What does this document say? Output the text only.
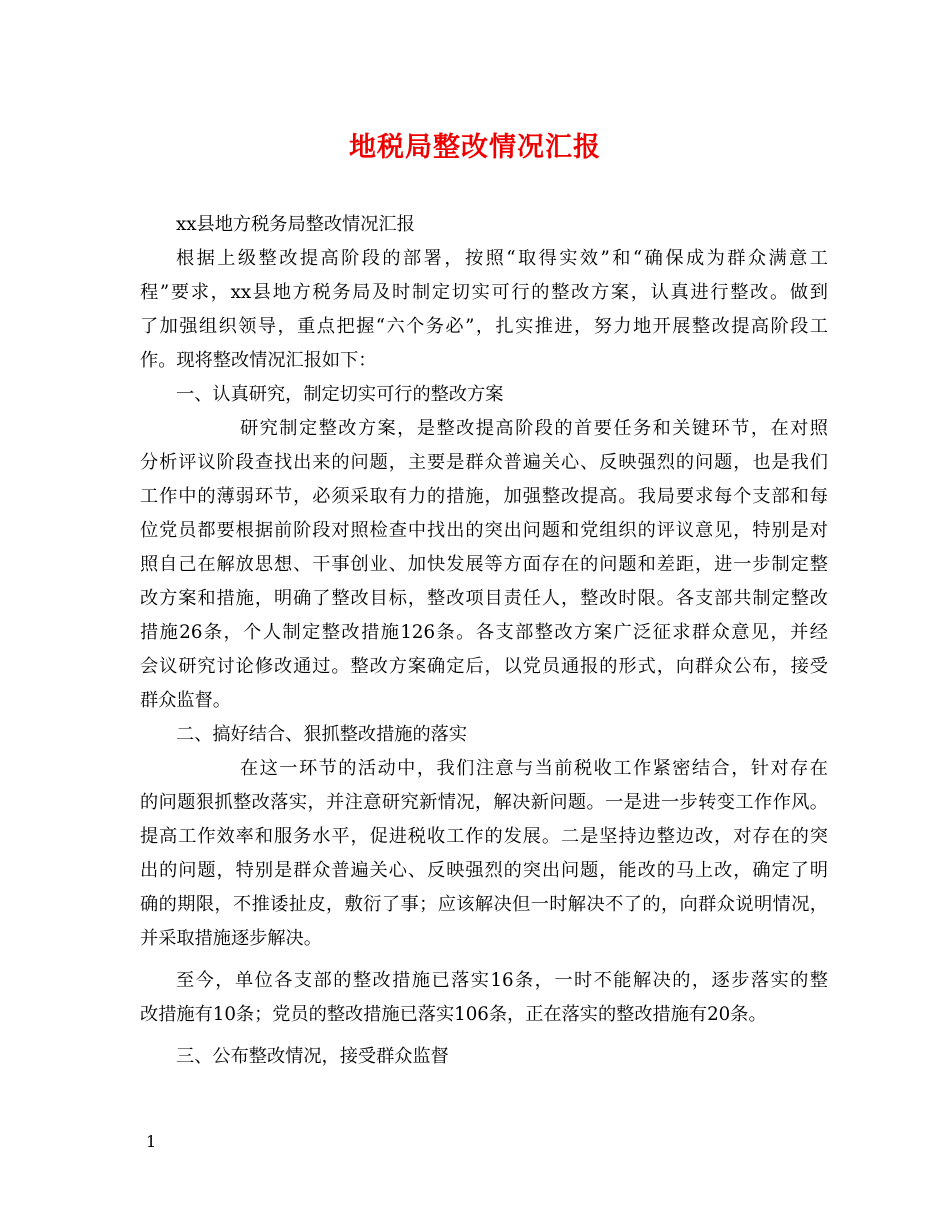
地税局整改情况汇报
xx县地方税务局整改情况汇报
根据上级整改提高阶段的部署，按照“取得实效”和“确保成为群众满意工
程”要求，xx县地方税务局及时制定切实可行的整改方案，认真进行整改。做到
了加强组织领导，重点把握“六个务必”，扎实推进，努力地开展整改提高阶段工
作。现将整改情况汇报如下：
一、认真研究，制定切实可行的整改方案
研究制定整改方案，是整改提高阶段的首要任务和关键环节，在对照
分析评议阶段查找出来的问题，主要是群众普遍关心、反映强烈的问题，也是我们
工作中的薄弱环节，必须采取有力的措施，加强整改提高。我局要求每个支部和每
位党员都要根据前阶段对照检查中找出的突出问题和党组织的评议意见，特别是对
照自己在解放思想、干事创业、加快发展等方面存在的问题和差距，进一步制定整
改方案和措施，明确了整改目标，整改项目责任人，整改时限。各支部共制定整改
措施26条，个人制定整改措施126条。各支部整改方案广泛征求群众意见，并经
会议研究讨论修改通过。整改方案确定后，以党员通报的形式，向群众公布，接受
群众监督。
二、搞好结合、狠抓整改措施的落实
在这一环节的活动中，我们注意与当前税收工作紧密结合，针对存在
的问题狠抓整改落实，并注意研究新情况，解决新问题。一是进一步转变工作作风。
提高工作效率和服务水平，促进税收工作的发展。二是坚持边整边改，对存在的突
出的问题，特别是群众普遍关心、反映强烈的突出问题，能改的马上改，确定了明
确的期限，不推诿扯皮，敷衍了事；应该解决但一时解决不了的，向群众说明情况，
并采取措施逐步解决。
至今，单位各支部的整改措施已落实16条，一时不能解决的，逐步落实的整
改措施有10条；党员的整改措施已落实106条，正在落实的整改措施有20条。
三、公布整改情况，接受群众监督
1
